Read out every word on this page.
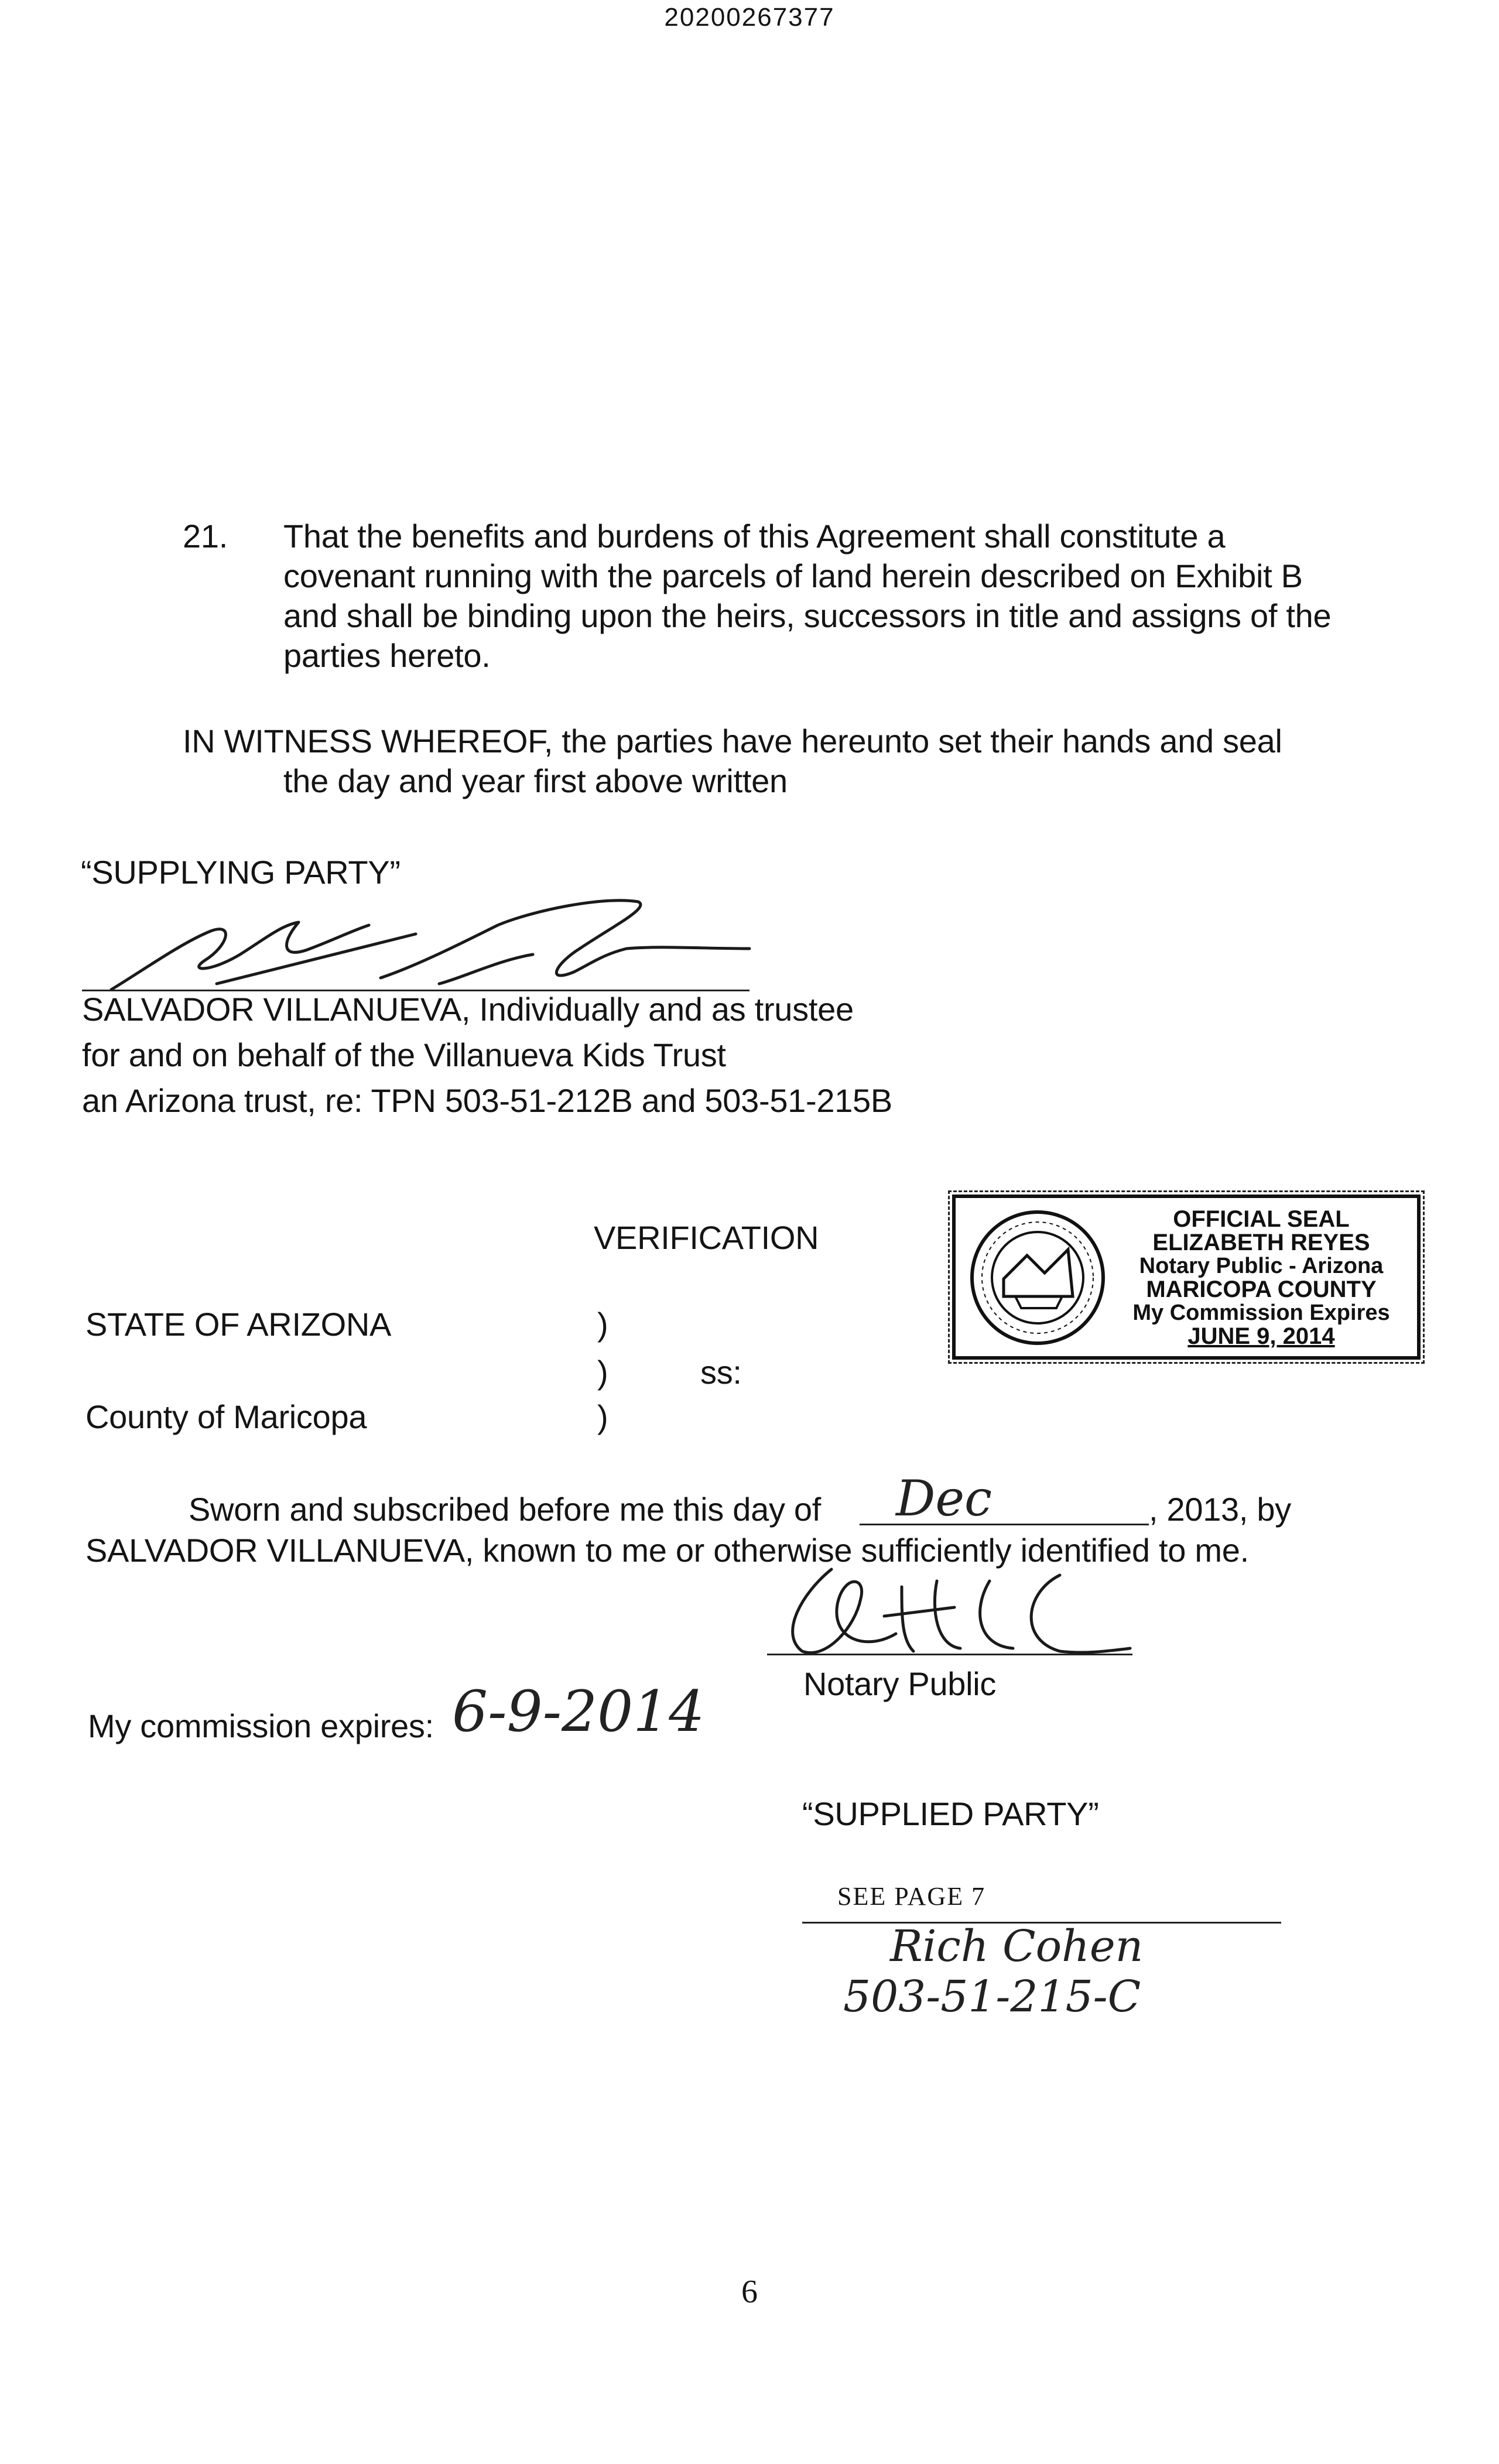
20200267377
21. That the benefits and burdens of this Agreement shall constitute a
covenant running with the parcels of land herein described on Exhibit B
and shall be binding upon the heirs, successors in title and assigns of the
parties hereto.
IN WITNESS WHEREOF, the parties have hereunto set their hands and seal
the day and year first above written
“SUPPLYING PARTY”
SALVADOR VILLANUEVA, Individually and as trustee
for and on behalf of the Villanueva Kids Trust
an Arizona trust, re: TPN 503-51-212B and 503-51-215B
VERIFICATION	OFFICIAL SEAL
ELIZABETH REYES
Notary Public - Arizona
MARICOPA COUNTY
My Commission Expires
JUNE 9, 2014
STATE OF ARIZONA	)
)	ss:
County of Maricopa	)
Sworn and subscribed before me this day of Dec	, 2013, by
SALVADOR VILLANUEVA, known to me or otherwise sufficiently identified to me.
Notary Public
My commission expires: 6-9-2014
“SUPPLIED PARTY”
SEE PAGE 7
Rich Cohen
503-51-215-C
6
